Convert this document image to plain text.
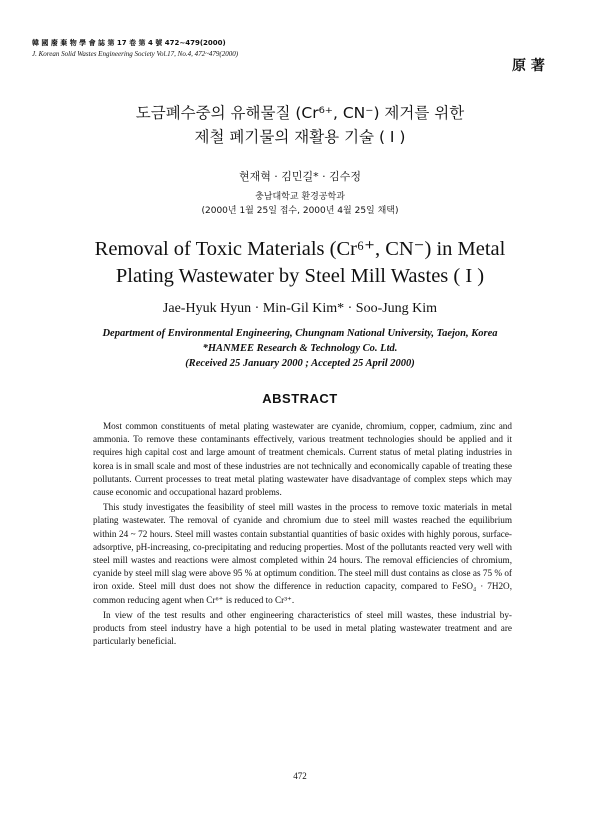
韓 國 廢 棄 物 學 會 誌 第 17 卷 第 4 號 472~479(2000)
J. Korean Solid Wastes Engineering Society Vol.17, No.4, 472~479(2000)
原 著
도금폐수중의 유해물질 (Cr⁶⁺, CN⁻) 제거를 위한
제철 폐기물의 재활용 기술 ( I )
현재혁 · 김민길* · 김수정
충남대학교 환경공학과
(2000년 1월 25일 접수, 2000년 4월 25일 채택)
Removal of Toxic Materials (Cr⁶⁺, CN⁻) in Metal
Plating Wastewater by Steel Mill Wastes ( I )
Jae-Hyuk Hyun · Min-Gil Kim* · Soo-Jung Kim
Department of Environmental Engineering, Chungnam National University, Taejon, Korea
*HANMEE Research & Technology Co. Ltd.
(Received 25 January 2000 ; Accepted 25 April 2000)
ABSTRACT

Most common constituents of metal plating wastewater are cyanide, chromium, copper, cadmium, zinc and ammonia. To remove these contaminants effectively, various treatment technologies should be applied and it requires high capital cost and large amount of treatment chemicals. Current status of metal plating industries in korea is in small scale and most of these industries are not technically and economically capable of treating these pollutants. Current processes to treat metal plating wastewater have disadvantage of complex steps which may cause economic and occupational hazard problems.

This study investigates the feasibility of steel mill wastes in the process to remove toxic materials in metal plating wastewater. The removal of cyanide and chromium due to steel mill wastes reached the equilibrium within 24 ~ 72 hours. Steel mill wastes contain substantial quantities of basic oxides with highly porous, surface-adsorptive, pH-increasing, co-precipitating and reducing properties. Most of the pollutants reacted very well with steel mill wastes and reactions were almost completed within 24 hours. The removal efficiencies of chromium, cyanide by steel mill slag were above 95 % at optimum condition. The steel mill dust contains as close as 75 % of iron oxide. Steel mill dust does not show the difference in reduction capacity, compared to FeSO₄ · 7H2O, common reducing agent when Cr⁶⁺ is reduced to Cr³⁺.

In view of the test results and other engineering characteristics of steel mill wastes, these industrial by-products from steel industry have a high potential to be used in metal plating wastewater treatment and are particularly beneficial.

472
